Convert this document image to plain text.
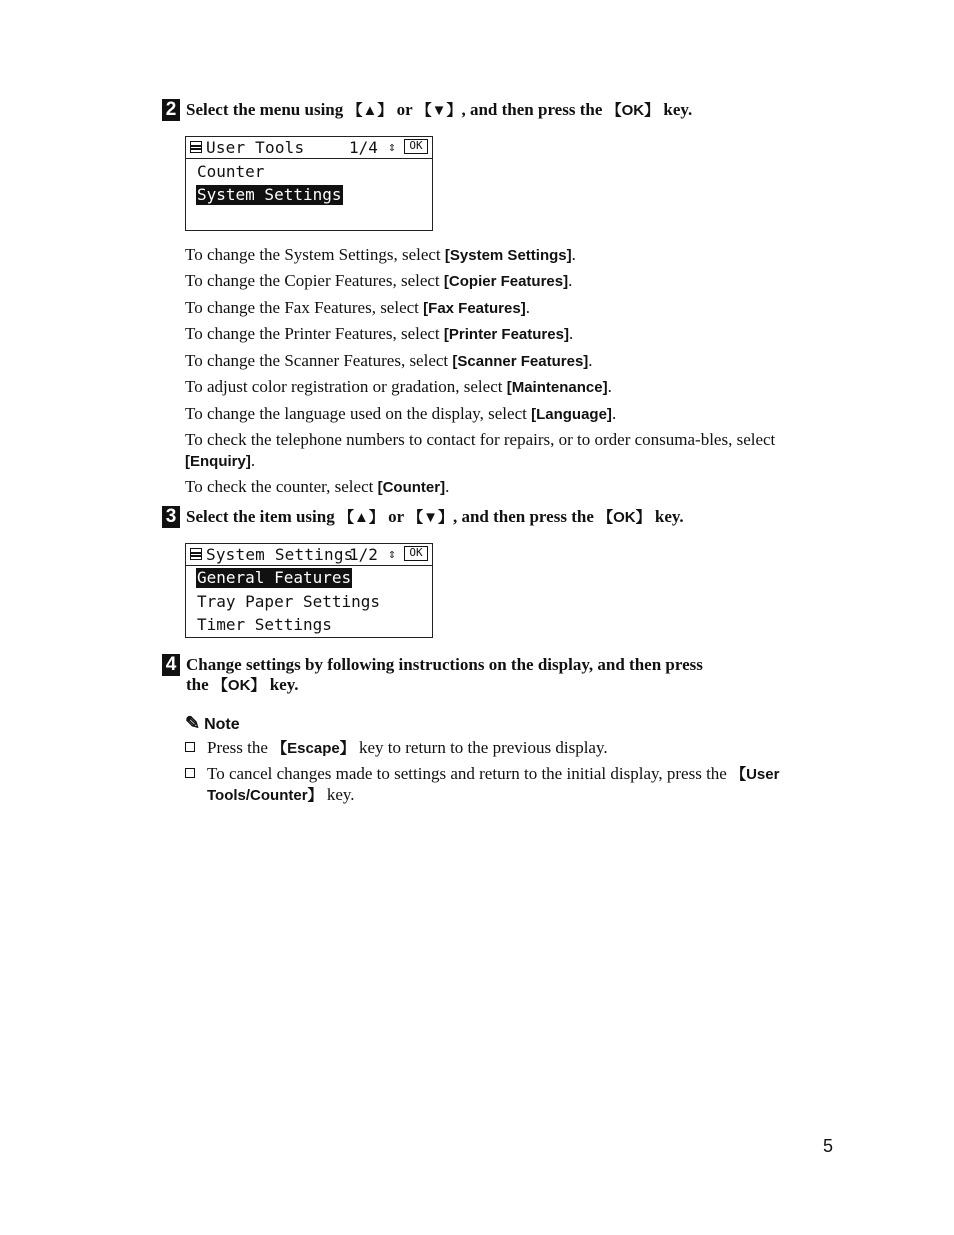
2 Select the menu using 【▲】 or 【▼】, and then press the 【OK】 key.
User Tools	1/4 ⇕	OK
Counter
System Settings
To change the System Settings, select [System Settings].
To change the Copier Features, select [Copier Features].
To change the Fax Features, select [Fax Features].
To change the Printer Features, select [Printer Features].
To change the Scanner Features, select [Scanner Features].
To adjust color registration or gradation, select [Maintenance].
To change the language used on the display, select [Language].
To check the telephone numbers to contact for repairs, or to order consuma-bles, select [Enquiry].
To check the counter, select [Counter].
3 Select the item using 【▲】 or 【▼】, and then press the 【OK】 key.
System Settings
1/2 ⇕	OK
General Features
Tray Paper Settings
Timer Settings
4 Change settings by following instructions on the display, and then press
the 【OK】 key.
✎ Note
Press the 【Escape】 key to return to the previous display.
To cancel changes made to settings and return to the initial display, press the 【User Tools/Counter】 key.
5
